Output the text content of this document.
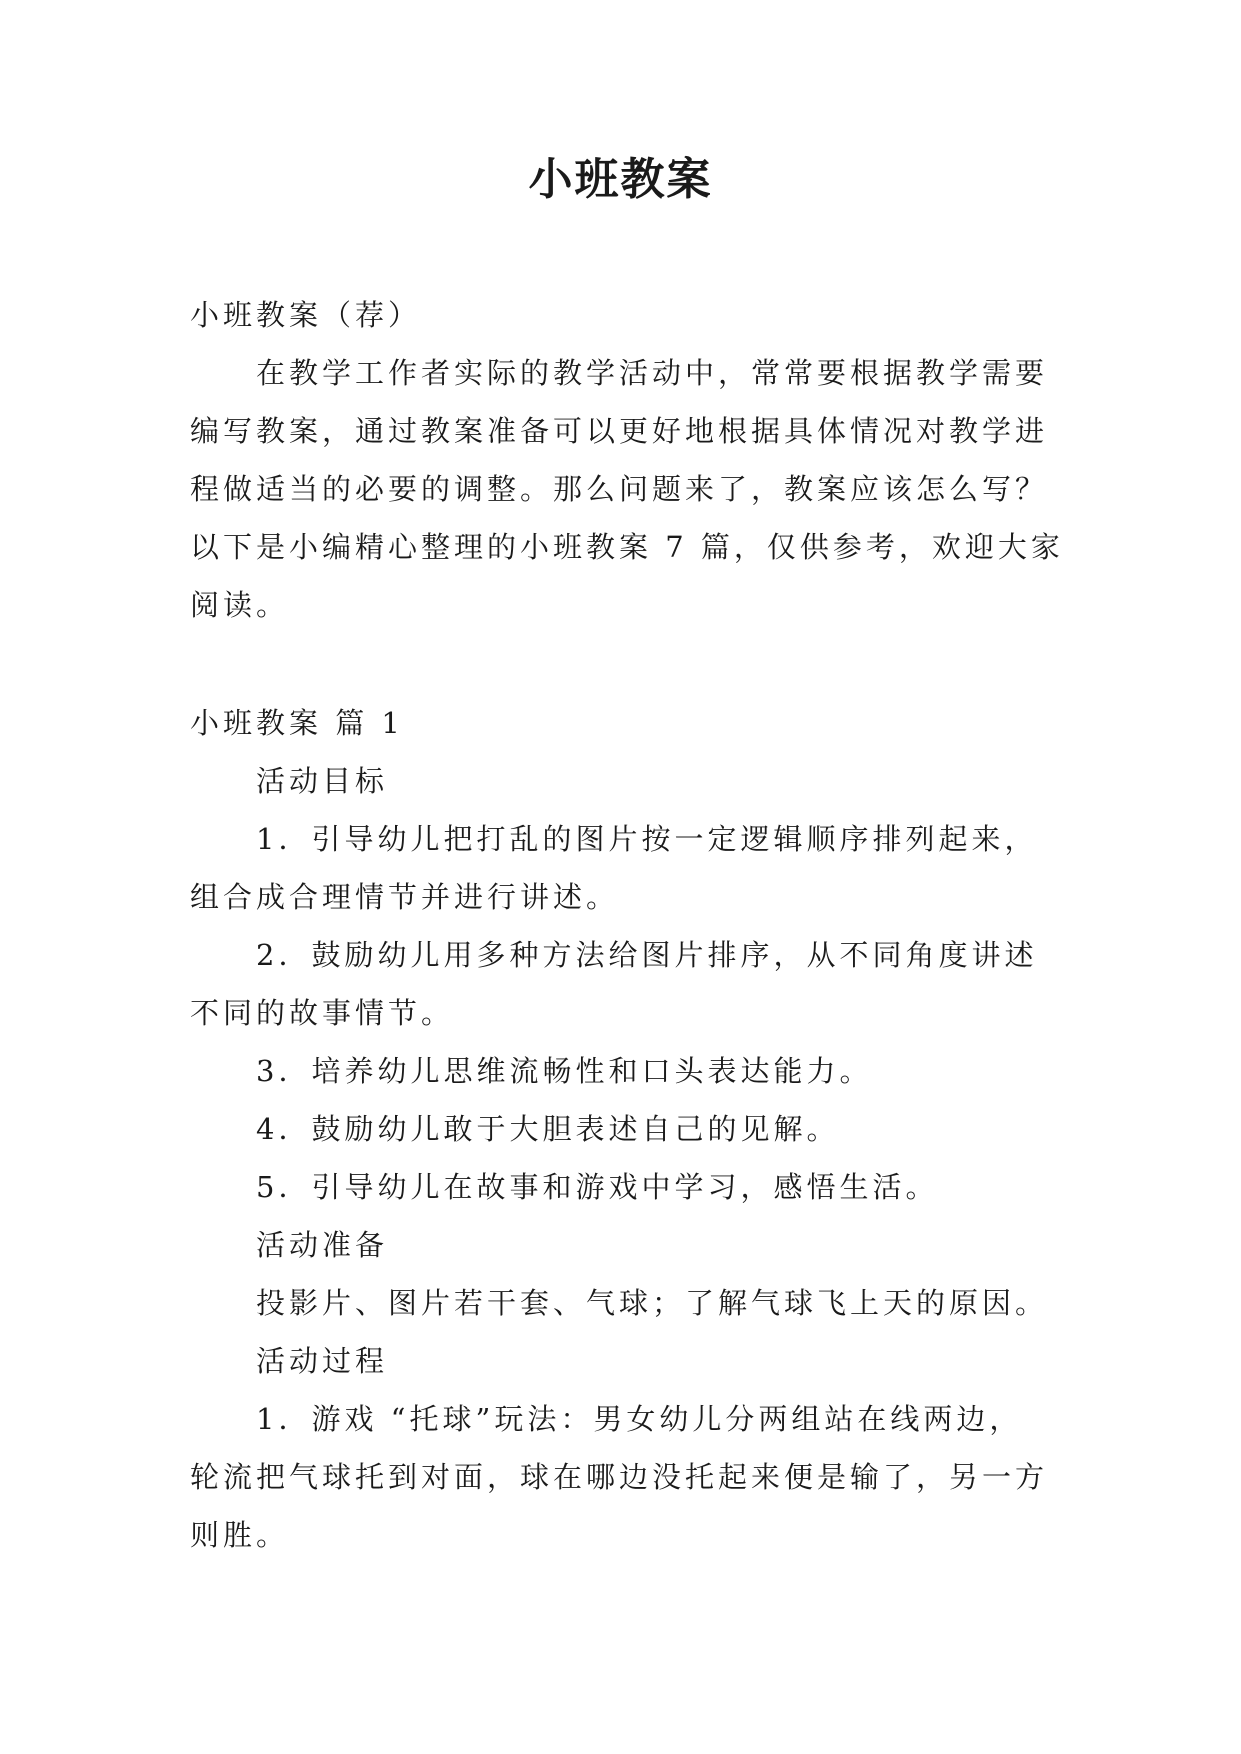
小班教案

小班教案（荐）

在教学工作者实际的教学活动中，常常要根据教学需要

编写教案，通过教案准备可以更好地根据具体情况对教学进

程做适当的必要的调整。那么问题来了，教案应该怎么写？

以下是小编精心整理的小班教案 7 篇，仅供参考，欢迎大家

阅读。

小班教案 篇 1

活动目标

1．引导幼儿把打乱的图片按一定逻辑顺序排列起来，

组合成合理情节并进行讲述。

2．鼓励幼儿用多种方法给图片排序，从不同角度讲述

不同的故事情节。

3．培养幼儿思维流畅性和口头表达能力。

4．鼓励幼儿敢于大胆表述自己的见解。

5．引导幼儿在故事和游戏中学习，感悟生活。

活动准备

投影片、图片若干套、气球；了解气球飞上天的原因。

活动过程

1．游戏 “托球”玩法：男女幼儿分两组站在线两边，

轮流把气球托到对面，球在哪边没托起来便是输了，另一方

则胜。
